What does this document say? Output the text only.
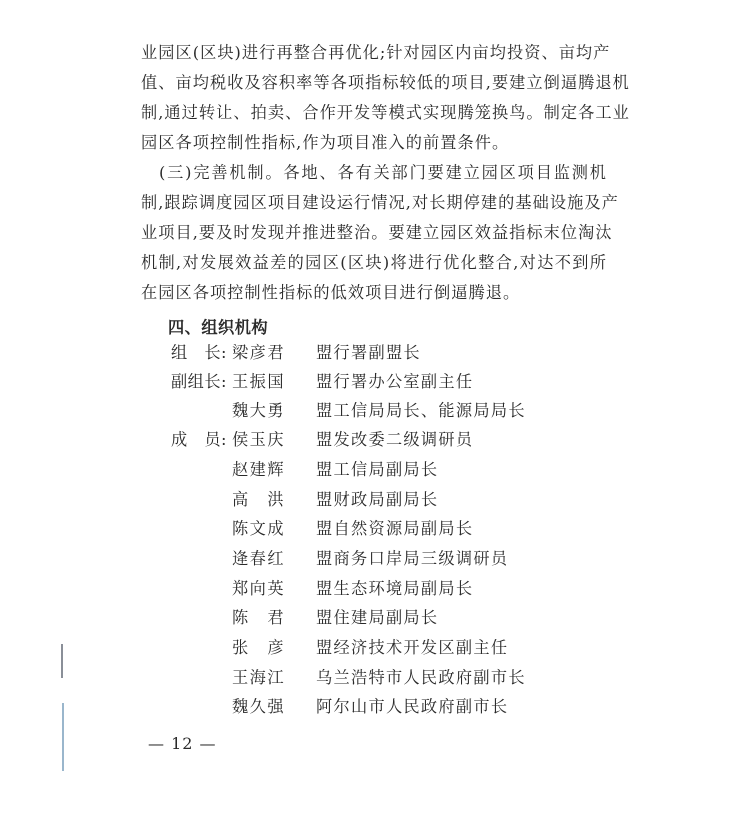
业园区(区块)进行再整合再优化;针对园区内亩均投资、亩均产
值、亩均税收及容积率等各项指标较低的项目,要建立倒逼腾退机
制,通过转让、拍卖、合作开发等模式实现腾笼换鸟。制定各工业
园区各项控制性指标,作为项目准入的前置条件。
　(三)完善机制。各地、各有关部门要建立园区项目监测机
制,跟踪调度园区项目建设运行情况,对长期停建的基础设施及产
业项目,要及时发现并推进整治。要建立园区效益指标末位淘汰
机制,对发展效益差的园区(区块)将进行优化整合,对达不到所
在园区各项控制性指标的低效项目进行倒逼腾退。
四、组织机构
组　长: 梁彦君	盟行署副盟长
副组长: 王振国	盟行署办公室副主任
魏大勇	盟工信局局长、能源局局长
成　员: 侯玉庆	盟发改委二级调研员
赵建辉	盟工信局副局长
高　洪	盟财政局副局长
陈文成	盟自然资源局副局长
逄春红	盟商务口岸局三级调研员
郑向英	盟生态环境局副局长
陈　君	盟住建局副局长
张　彦	盟经济技术开发区副主任
王海江	乌兰浩特市人民政府副市长
魏久强	阿尔山市人民政府副市长
— 12 —
